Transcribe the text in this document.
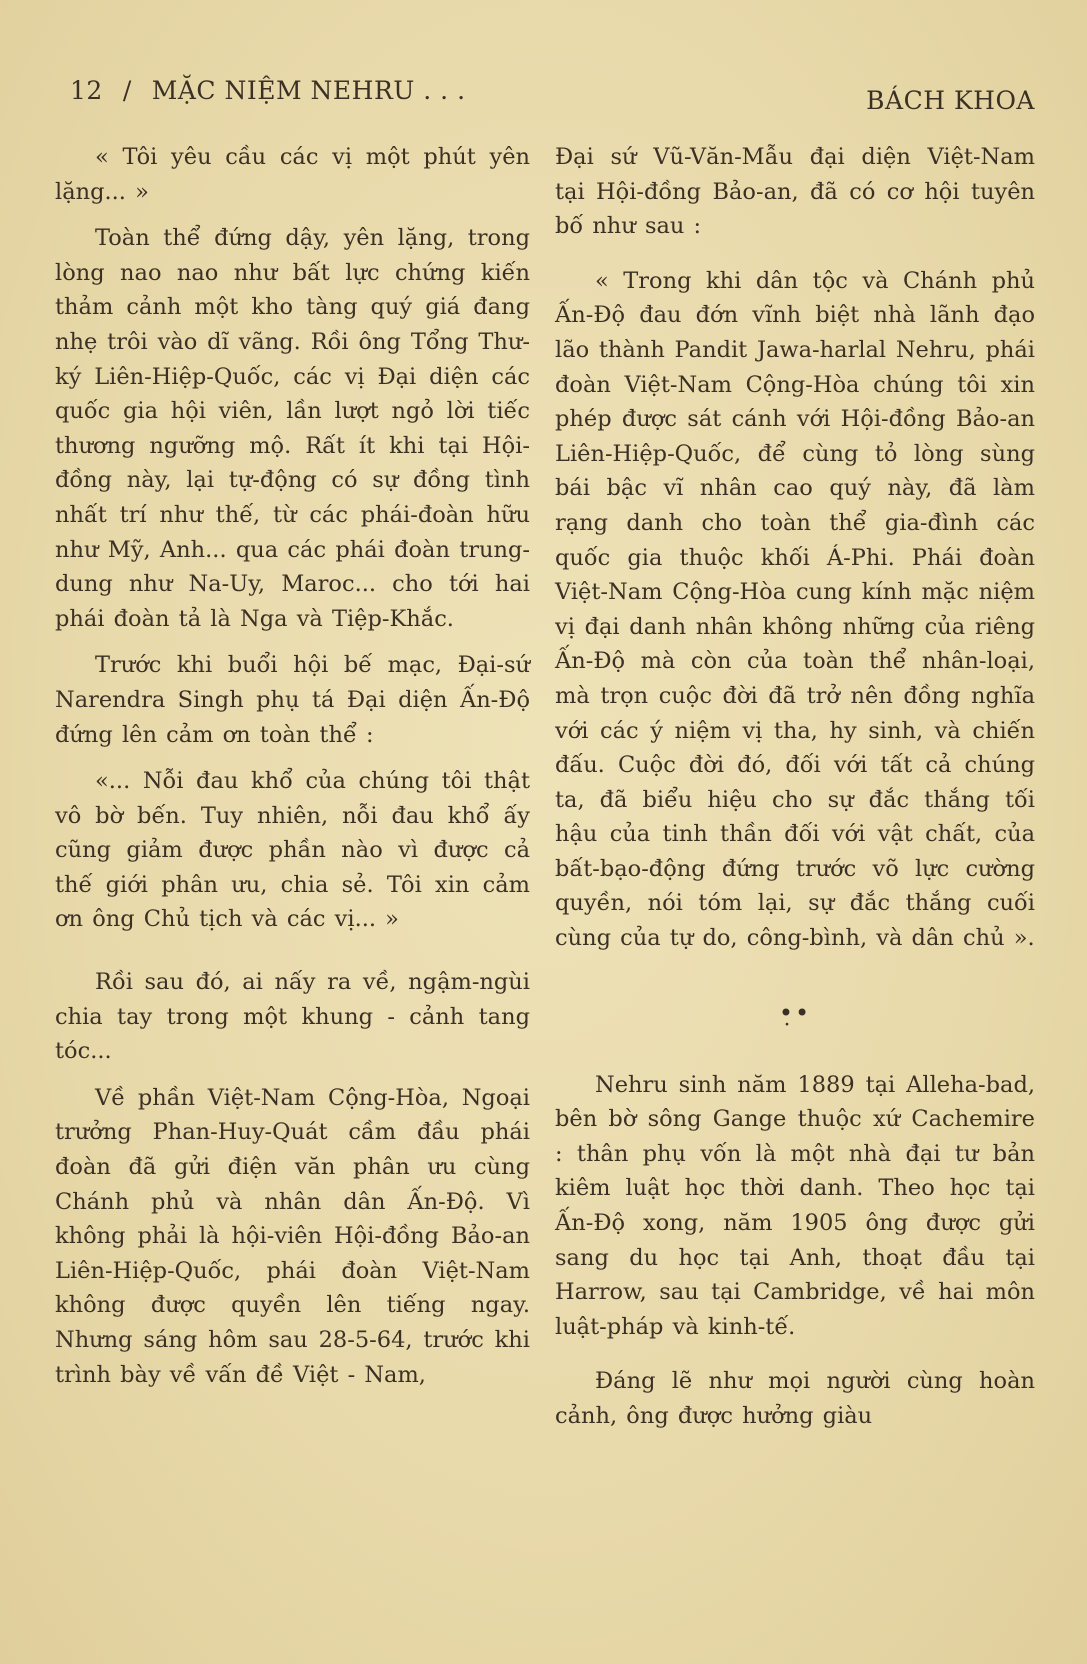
12 / MẶC NIỆM NEHRU . . .	BÁCH KHOA

« Tôi yêu cầu các vị một phút yên lặng... »

Toàn thể đứng dậy, yên lặng, trong lòng nao nao như bất lực chứng kiến thảm cảnh một kho tàng quý giá đang nhẹ trôi vào dĩ vãng. Rồi ông Tổng Thư-ký Liên-Hiệp-Quốc, các vị Đại diện các quốc gia hội viên, lần lượt ngỏ lời tiếc thương ngưỡng mộ. Rất ít khi tại Hội-đồng này, lại tự-động có sự đồng tình nhất trí như thế, từ các phái-đoàn hữu như Mỹ, Anh... qua các phái đoàn trung-dung như Na-Uy, Maroc... cho tới hai phái đoàn tả là Nga và Tiệp-Khắc.

Trước khi buổi hội bế mạc, Đại-sứ Narendra Singh phụ tá Đại diện Ấn-Độ đứng lên cảm ơn toàn thể :

«... Nỗi đau khổ của chúng tôi thật vô bờ bến. Tuy nhiên, nỗi đau khổ ấy cũng giảm được phần nào vì được cả thế giới phân ưu, chia sẻ. Tôi xin cảm ơn ông Chủ tịch và các vị... »

Rồi sau đó, ai nấy ra về, ngậm-ngùi chia tay trong một khung - cảnh tang tóc...

Về phần Việt-Nam Cộng-Hòa, Ngoại trưởng Phan-Huy-Quát cầm đầu phái đoàn đã gửi điện văn phân ưu cùng Chánh phủ và nhân dân Ấn-Độ. Vì không phải là hội-viên Hội-đồng Bảo-an Liên-Hiệp-Quốc, phái đoàn Việt-Nam không được quyền lên tiếng ngay. Nhưng sáng hôm sau 28-5-64, trước khi trình bày về vấn đề Việt - Nam,

Đại sứ Vũ-Văn-Mẫu đại diện Việt-Nam tại Hội-đồng Bảo-an, đã có cơ hội tuyên bố như sau :

« Trong khi dân tộc và Chánh phủ Ấn-Độ đau đớn vĩnh biệt nhà lãnh đạo lão thành Pandit Jawa-harlal Nehru, phái đoàn Việt-Nam Cộng-Hòa chúng tôi xin phép được sát cánh với Hội-đồng Bảo-an Liên-Hiệp-Quốc, để cùng tỏ lòng sùng bái bậc vĩ nhân cao quý này, đã làm rạng danh cho toàn thể gia-đình các quốc gia thuộc khối Á-Phi. Phái đoàn Việt-Nam Cộng-Hòa cung kính mặc niệm vị đại danh nhân không những của riêng Ấn-Độ mà còn của toàn thể nhân-loại, mà trọn cuộc đời đã trở nên đồng nghĩa với các ý niệm vị tha, hy sinh, và chiến đấu. Cuộc đời đó, đối với tất cả chúng ta, đã biểu hiệu cho sự đắc thắng tối hậu của tinh thần đối với vật chất, của bất-bạo-động đứng trước võ lực cường quyền, nói tóm lại, sự đắc thắng cuối cùng của tự do, công-bình, và dân chủ ».

•̣•

Nehru sinh năm 1889 tại Alleha-bad, bên bờ sông Gange thuộc xứ Cachemire : thân phụ vốn là một nhà đại tư bản kiêm luật học thời danh. Theo học tại Ấn-Độ xong, năm 1905 ông được gửi sang du học tại Anh, thoạt đầu tại Harrow, sau tại Cambridge, về hai môn luật-pháp và kinh-tế.

Đáng lẽ như mọi người cùng hoàn cảnh, ông được hưởng giàu
